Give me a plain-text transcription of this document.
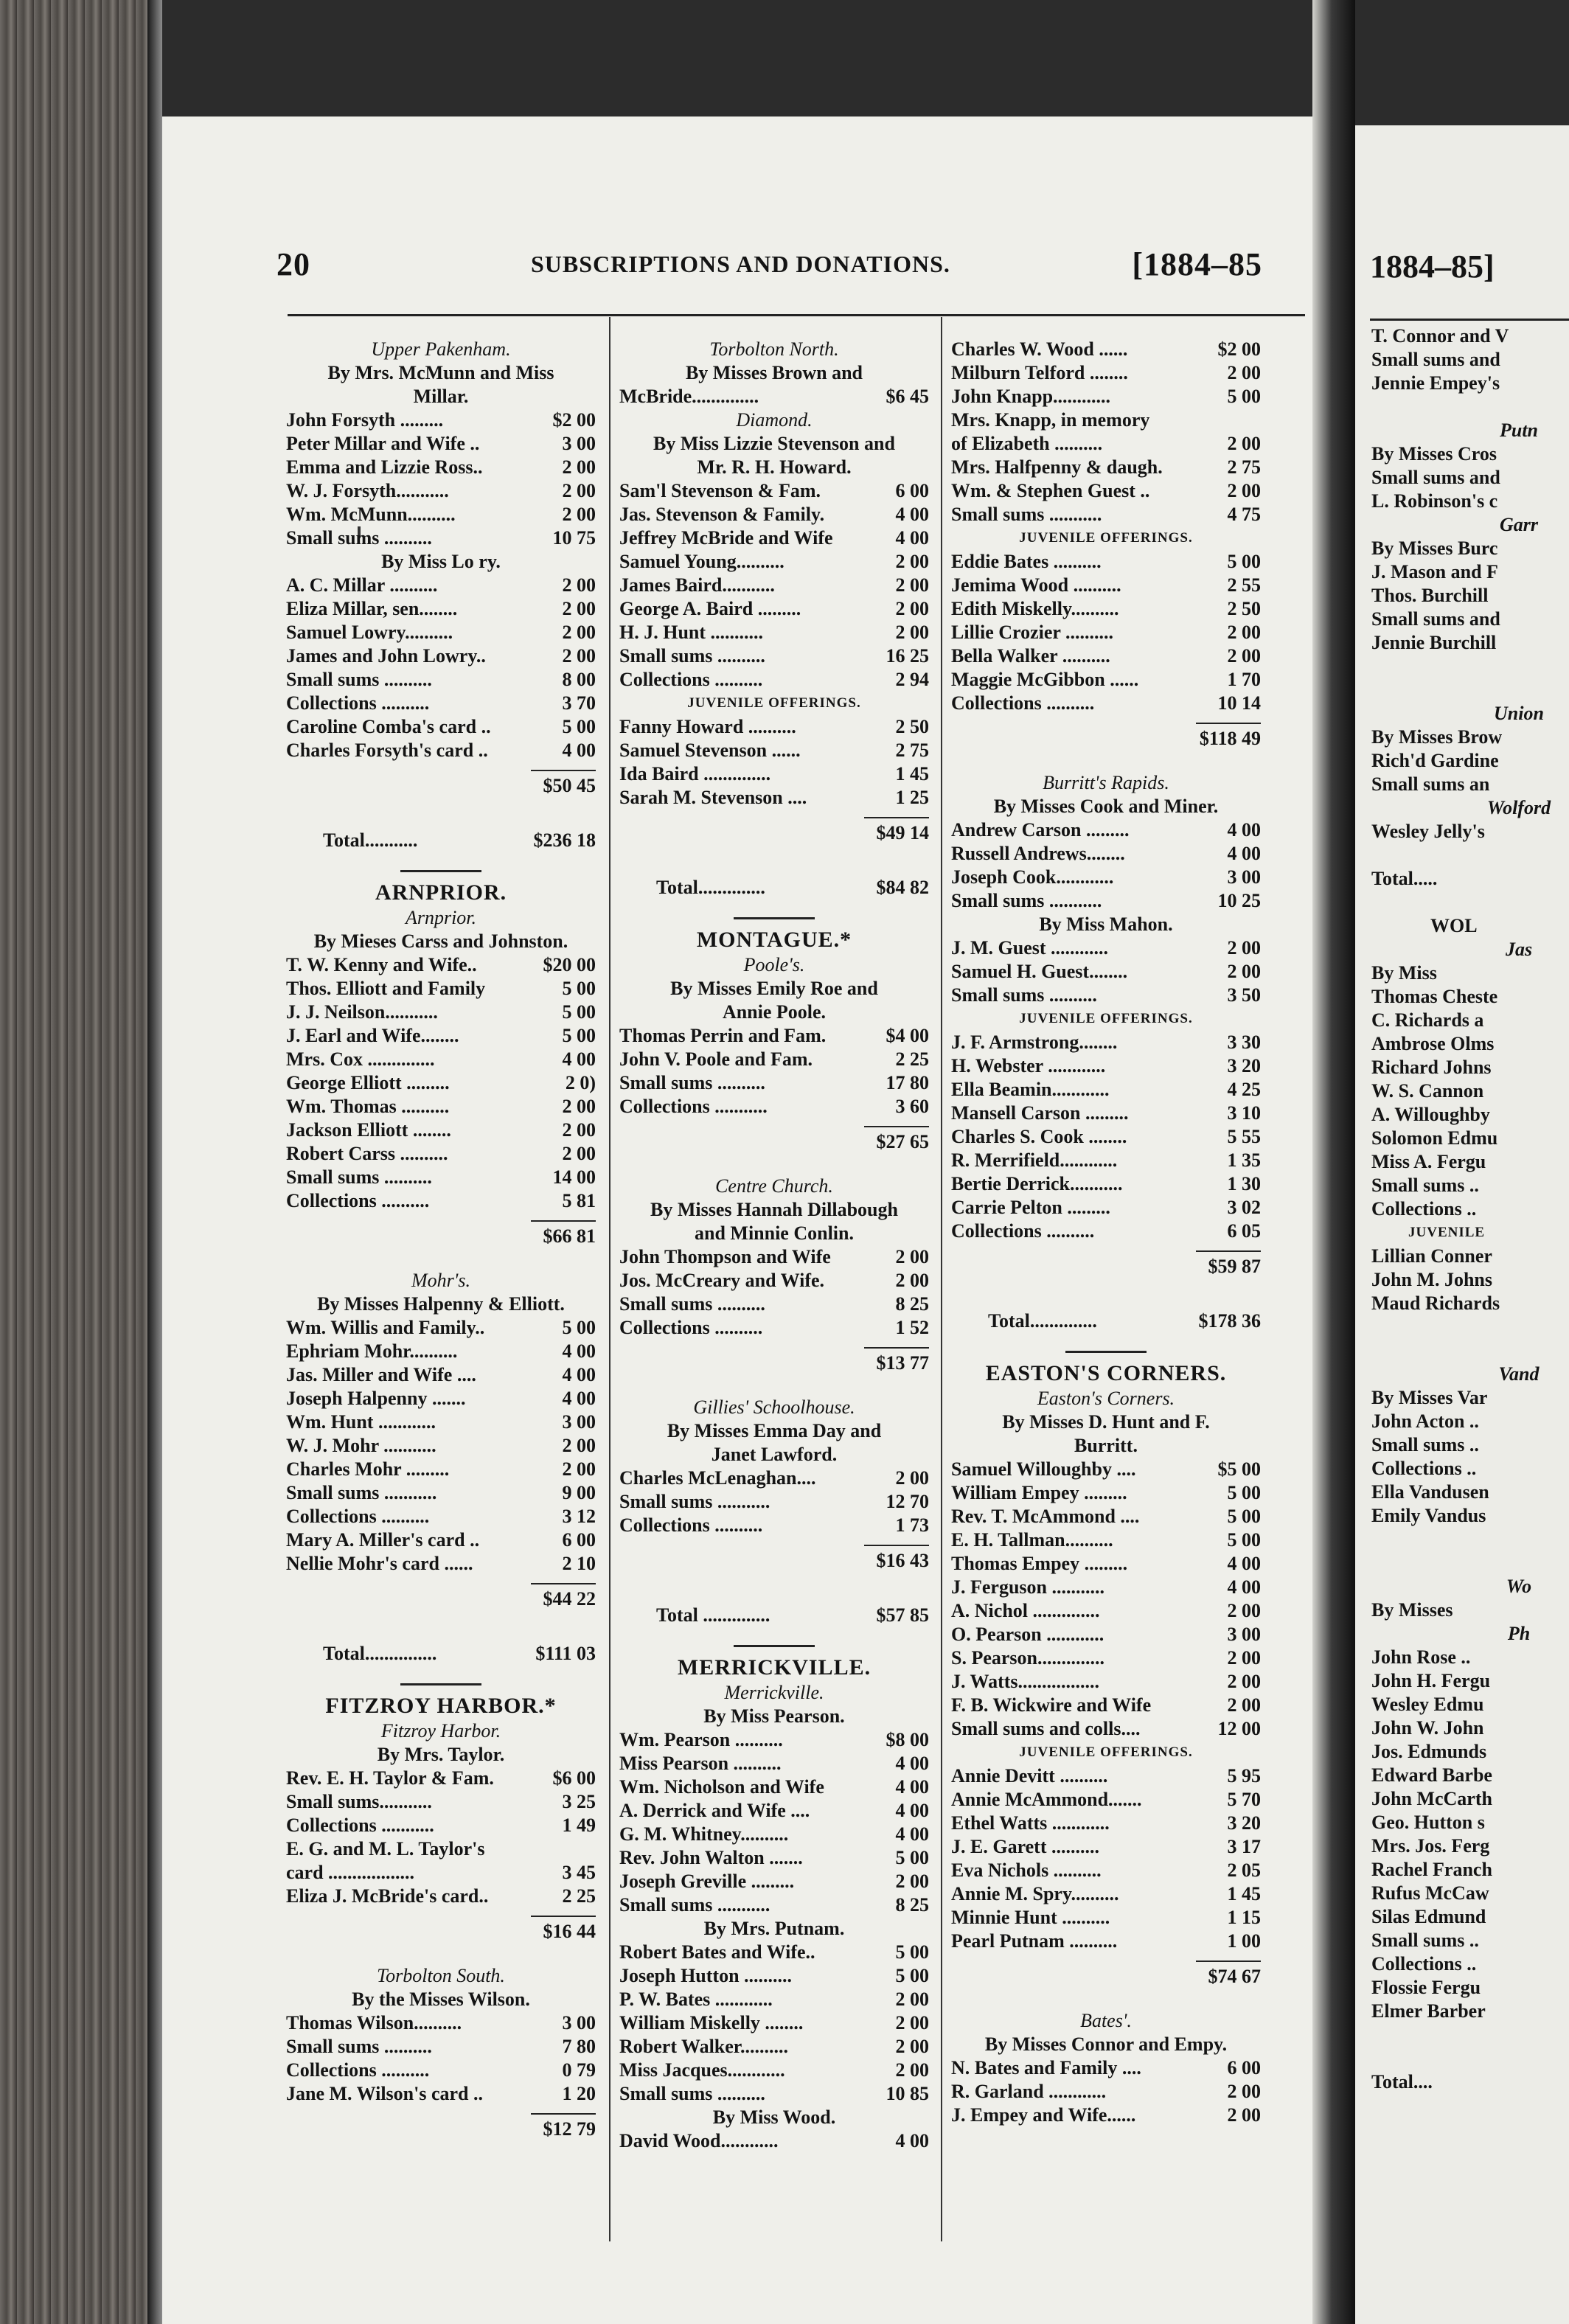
20	SUBSCRIPTIONS AND DONATIONS.	[1884–85
Upper Pakenham.
By Mrs. McMunn and Miss
Millar.
John Forsyth .........	$2 00
Peter Millar and Wife ..	3 00
Emma and Lizzie Ross..	2 00
W. J. Forsyth...........	2 00
Wm. McMunn..........	2 00
Small sums ..........	10 75
By Miss Lo ry.
A. C. Millar ..........	2 00
Eliza Millar, sen........	2 00
Samuel Lowry..........	2 00
James and John Lowry..	2 00
Small sums ..........	8 00
Collections ..........	3 70
Caroline Comba's card ..	5 00
Charles Forsyth's card ..	4 00
$50 45
Total...........	$236 18
ARNPRIOR.
Arnprior.
By Mieses Carss and Johnston.
T. W. Kenny and Wife..	$20 00
Thos. Elliott and Family	5 00
J. J. Neilson...........	5 00
J. Earl and Wife........	5 00
Mrs. Cox ..............	4 00
George Elliott .........	2 0)
Wm. Thomas ..........	2 00
Jackson Elliott ........	2 00
Robert Carss ..........	2 00
Small sums ..........	14 00
Collections ..........	5 81
$66 81
Mohr's.
By Misses Halpenny & Elliott.
Wm. Willis and Family..	5 00
Ephriam Mohr..........	4 00
Jas. Miller and Wife ....	4 00
Joseph Halpenny .......	4 00
Wm. Hunt ............	3 00
W. J. Mohr ...........	2 00
Charles Mohr .........	2 00
Small sums ...........	9 00
Collections ..........	3 12
Mary A. Miller's card ..	6 00
Nellie Mohr's card ......	2 10
$44 22
Total...............	$111 03
FITZROY HARBOR.*
Fitzroy Harbor.
By Mrs. Taylor.
Rev. E. H. Taylor & Fam.	$6 00
Small sums...........	3 25
Collections ...........	1 49
E. G. and M. L. Taylor's
card ..................	3 45
Eliza J. McBride's card..	2 25
$16 44
Torbolton South.
By the Misses Wilson.
Thomas Wilson..........	3 00
Small sums ..........	7 80
Collections ..........	0 79
Jane M. Wilson's card ..	1 20
$12 79
Torbolton North.
By Misses Brown and
McBride..............	$6 45
Diamond.
By Miss Lizzie Stevenson and
Mr. R. H. Howard.
Sam'l Stevenson & Fam.	6 00
Jas. Stevenson & Family.	4 00
Jeffrey McBride and Wife	4 00
Samuel Young..........	2 00
James Baird...........	2 00
George A. Baird .........	2 00
H. J. Hunt ...........	2 00
Small sums ..........	16 25
Collections ..........	2 94
JUVENILE OFFERINGS.
Fanny Howard ..........	2 50
Samuel Stevenson ......	2 75
Ida Baird ..............	1 45
Sarah M. Stevenson ....	1 25
$49 14
Total..............	$84 82
MONTAGUE.*
Poole's.
By Misses Emily Roe and
Annie Poole.
Thomas Perrin and Fam.	$4 00
John V. Poole and Fam.	2 25
Small sums ..........	17 80
Collections ...........	3 60
$27 65
Centre Church.
By Misses Hannah Dillabough
and Minnie Conlin.
John Thompson and Wife	2 00
Jos. McCreary and Wife.	2 00
Small sums ..........	8 25
Collections ..........	1 52
$13 77
Gillies' Schoolhouse.
By Misses Emma Day and
Janet Lawford.
Charles McLenaghan....	2 00
Small sums ...........	12 70
Collections ..........	1 73
$16 43
Total ..............	$57 85
MERRICKVILLE.
Merrickville.
By Miss Pearson.
Wm. Pearson ..........	$8 00
Miss Pearson ..........	4 00
Wm. Nicholson and Wife	4 00
A. Derrick and Wife ....	4 00
G. M. Whitney..........	4 00
Rev. John Walton .......	5 00
Joseph Greville .........	2 00
Small sums ...........	8 25
By Mrs. Putnam.
Robert Bates and Wife..	5 00
Joseph Hutton ..........	5 00
P. W. Bates ............	2 00
William Miskelly ........	2 00
Robert Walker..........	2 00
Miss Jacques............	2 00
Small sums ..........	10 85
By Miss Wood.
David Wood............	4 00
Charles W. Wood ......	$2 00
Milburn Telford ........	2 00
John Knapp............	5 00
Mrs. Knapp, in memory
of Elizabeth ..........	2 00
Mrs. Halfpenny & daugh.	2 75
Wm. & Stephen Guest ..	2 00
Small sums ...........	4 75
JUVENILE OFFERINGS.
Eddie Bates ..........	5 00
Jemima Wood ..........	2 55
Edith Miskelly..........	2 50
Lillie Crozier ..........	2 00
Bella Walker ..........	2 00
Maggie McGibbon ......	1 70
Collections ..........	10 14
$118 49
Burritt's Rapids.
By Misses Cook and Miner.
Andrew Carson .........	4 00
Russell Andrews........	4 00
Joseph Cook............	3 00
Small sums ...........	10 25
By Miss Mahon.
J. M. Guest ............	2 00
Samuel H. Guest........	2 00
Small sums ..........	3 50
JUVENILE OFFERINGS.
J. F. Armstrong........	3 30
H. Webster ............	3 20
Ella Beamin............	4 25
Mansell Carson .........	3 10
Charles S. Cook ........	5 55
R. Merrifield............	1 35
Bertie Derrick...........	1 30
Carrie Pelton .........	3 02
Collections ..........	6 05
$59 87
Total..............	$178 36
EASTON'S CORNERS.
Easton's Corners.
By Misses D. Hunt and F.
Burritt.
Samuel Willoughby ....	$5 00
William Empey .........	5 00
Rev. T. McAmmond ....	5 00
E. H. Tallman..........	5 00
Thomas Empey .........	4 00
J. Ferguson ...........	4 00
A. Nichol ..............	2 00
O. Pearson ............	3 00
S. Pearson..............	2 00
J. Watts.................	2 00
F. B. Wickwire and Wife	2 00
Small sums and colls....	12 00
JUVENILE OFFERINGS.
Annie Devitt ..........	5 95
Annie McAmmond.......	5 70
Ethel Watts ............	3 20
J. E. Garett ..........	3 17
Eva Nichols ..........	2 05
Annie M. Spry..........	1 45
Minnie Hunt ..........	1 15
Pearl Putnam ..........	1 00
$74 67
Bates'.
By Misses Connor and Empy.
N. Bates and Family ....	6 00
R. Garland ............	2 00
J. Empey and Wife......	2 00
1884–85]
T. Connor and V
Small sums and
Jennie Empey's
Putn
By Misses Cros
Small sums and
L. Robinson's c
Garr
By Misses Burc
J. Mason and F
Thos. Burchill
Small sums and
Jennie Burchill
Union
By Misses Brow
Rich'd Gardine
Small sums an
Wolford
Wesley Jelly's
Total.....
WOL
Jas
By Miss
Thomas Cheste
C. Richards a
Ambrose Olms
Richard Johns
W. S. Cannon
A. Willoughby
Solomon Edmu
Miss A. Fergu
Small sums ..
Collections ..
JUVENILE
Lillian Conner
John M. Johns
Maud Richards
Vand
By Misses Var
John Acton ..
Small sums ..
Collections ..
Ella Vandusen
Emily Vandus
Wo
By Misses
Ph
John Rose ..
John H. Fergu
Wesley Edmu
John W. John
Jos. Edmunds
Edward Barbe
John McCarth
Geo. Hutton s
Mrs. Jos. Ferg
Rachel Franch
Rufus McCaw
Silas Edmund
Small sums ..
Collections ..
Flossie Fergu
Elmer Barber
Total....
